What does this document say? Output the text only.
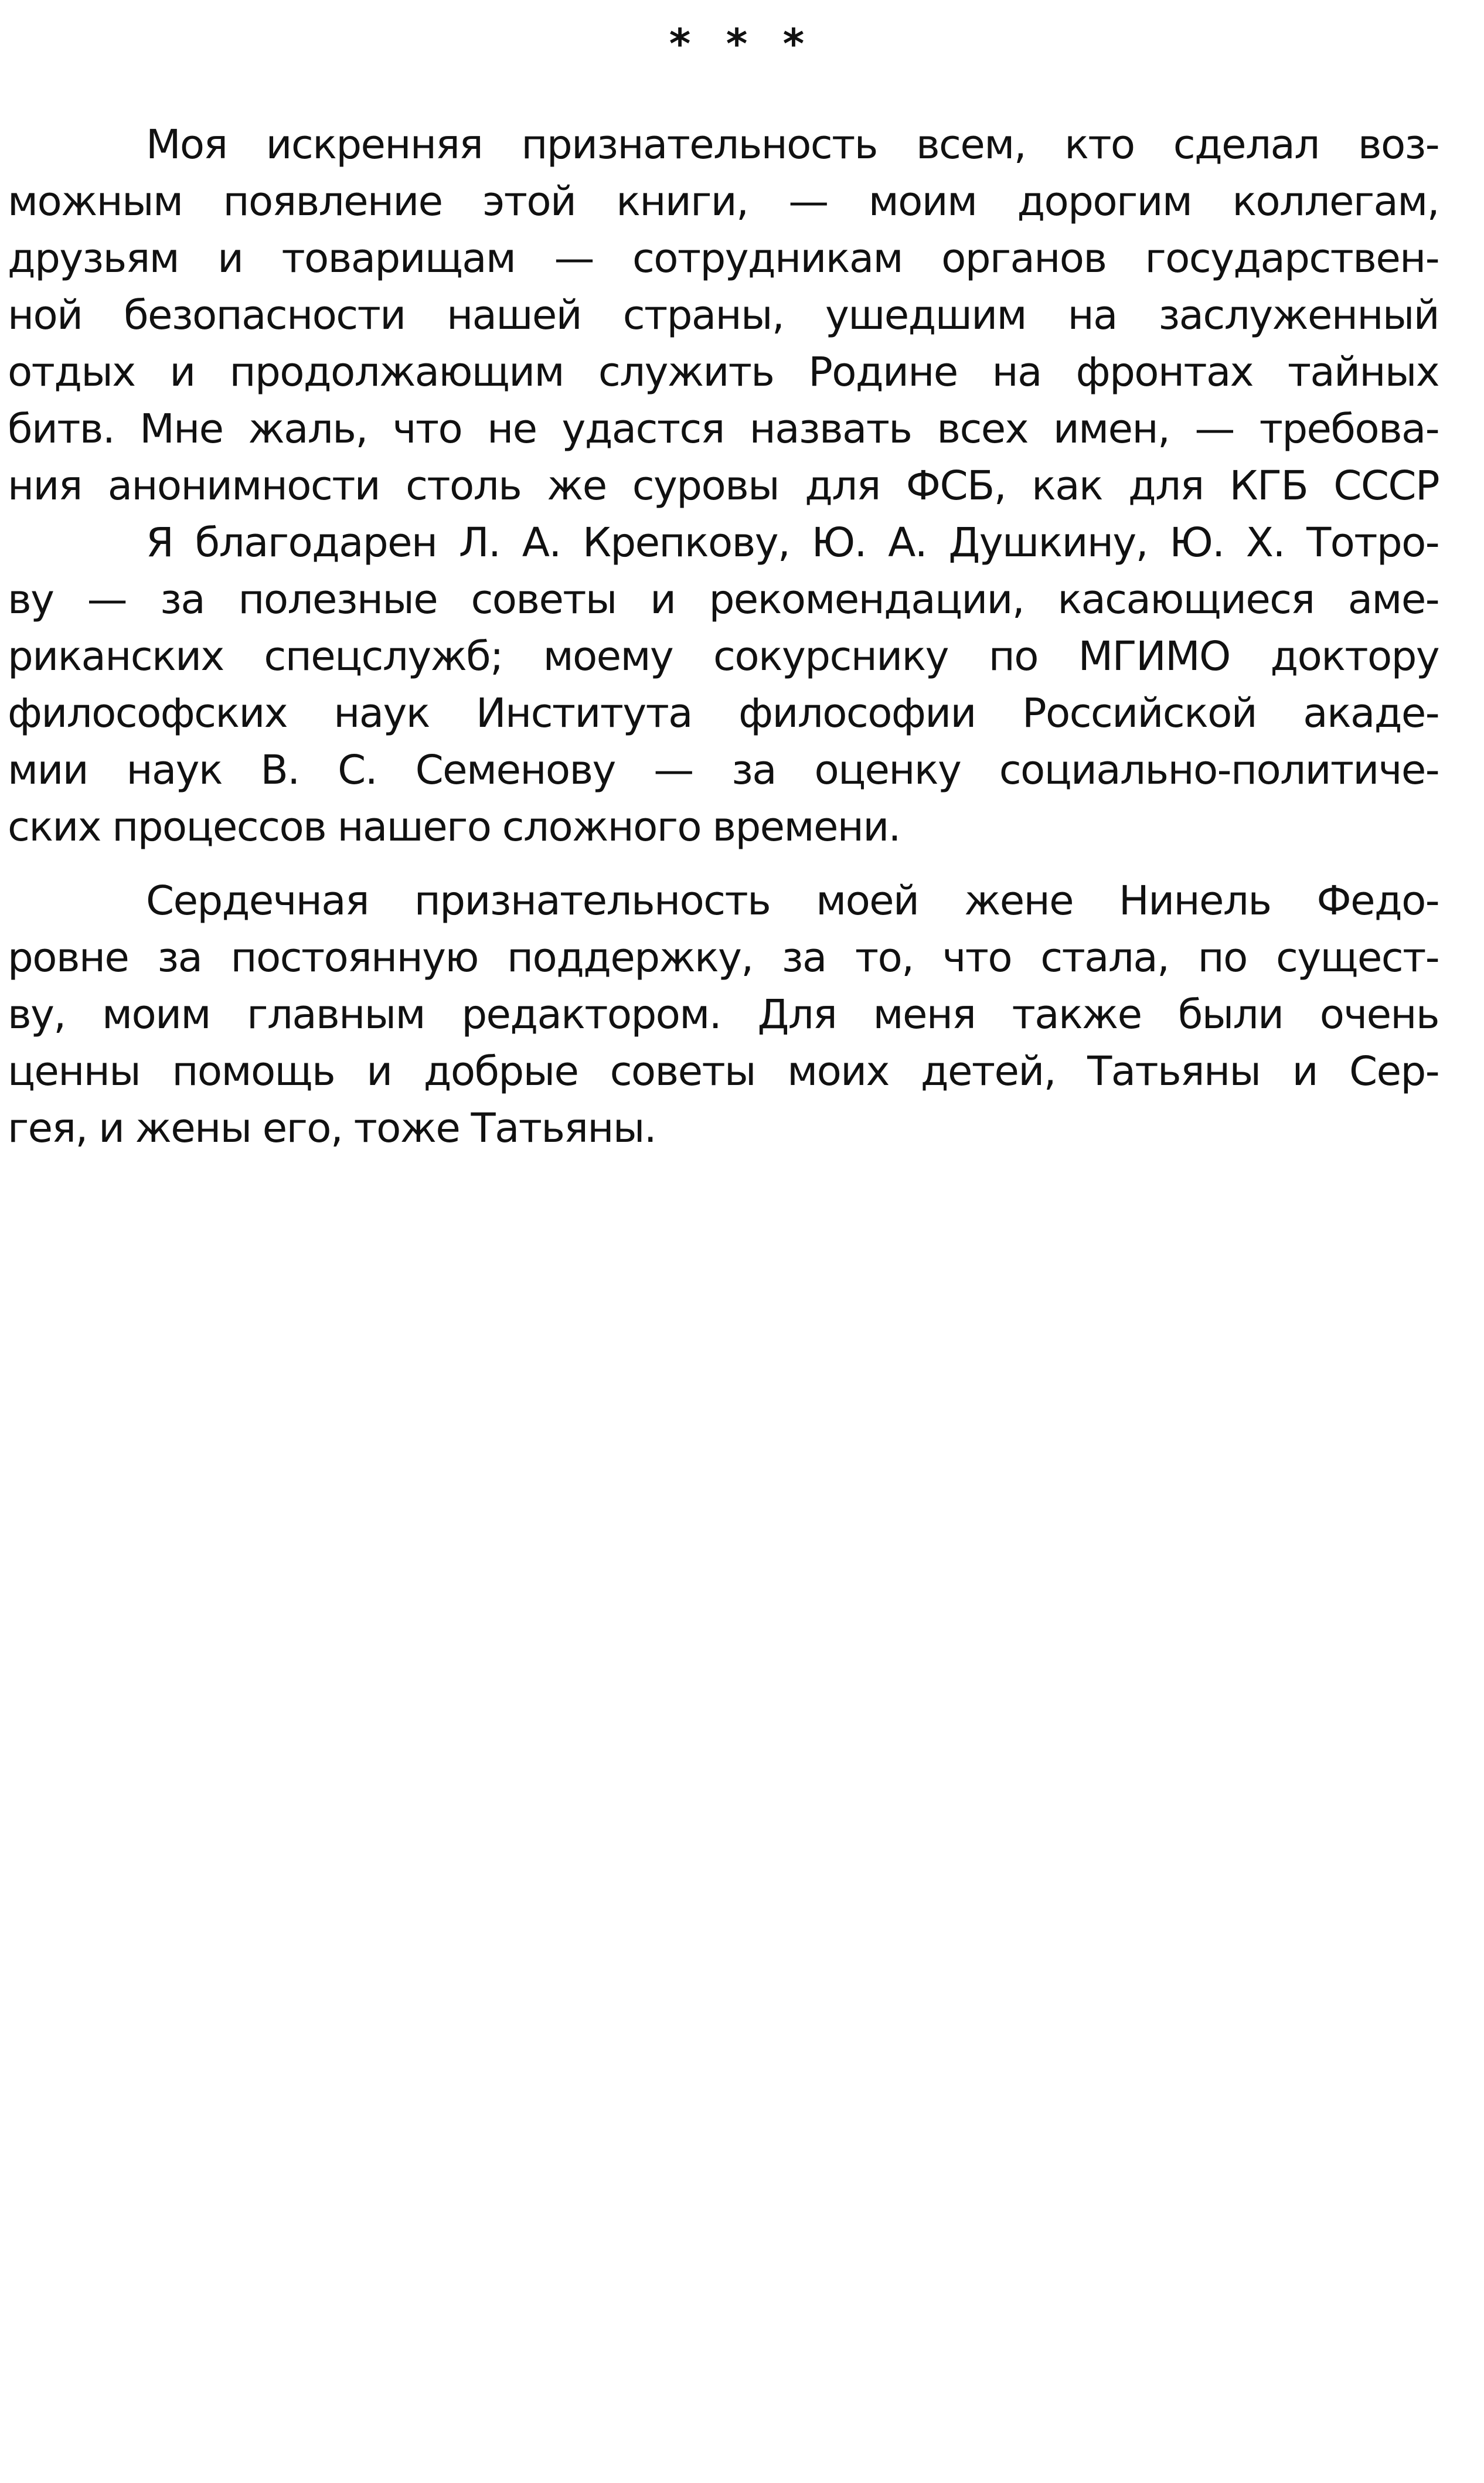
* * *
Моя искренняя признательность всем, кто сделал воз-
можным появление этой книги, — моим дорогим коллегам,
друзьям и товарищам — сотрудникам органов государствен-
ной безопасности нашей страны, ушедшим на заслуженный
отдых и продолжающим служить Родине на фронтах тайных
битв. Мне жаль, что не удастся назвать всех имен, — требова-
ния анонимности столь же суровы для ФСБ, как для КГБ СССР
Я благодарен Л. А. Крепкову, Ю. А. Душкину, Ю. Х. Тотро-
ву — за полезные советы и рекомендации, касающиеся аме-
риканских спецслужб; моему сокурснику по МГИМО доктору
философских наук Института философии Российской акаде-
мии наук В. С. Семенову — за оценку социально-политиче-
ских процессов нашего сложного времени.
Сердечная признательность моей жене Нинель Федо-
ровне за постоянную поддержку, за то, что стала, по сущест-
ву, моим главным редактором. Для меня также были очень
ценны помощь и добрые советы моих детей, Татьяны и Сер-
гея, и жены его, тоже Татьяны.
